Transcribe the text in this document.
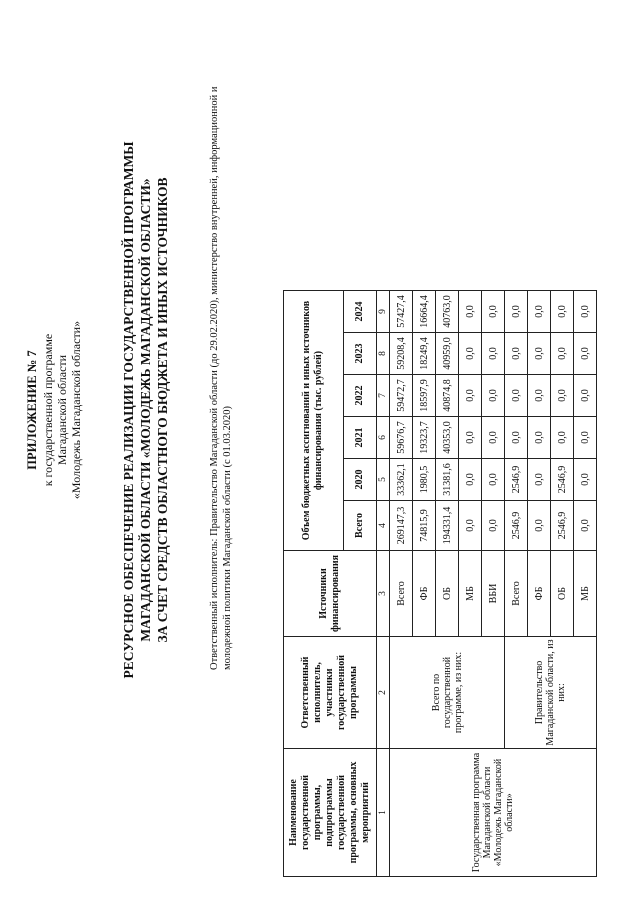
ПРИЛОЖЕНИЕ № 7 к государственной программе Магаданской области «Молодежь Магаданской области»	РЕСУРСНОЕ ОБЕСПЕЧЕНИЕ РЕАЛИЗАЦИИ ГОСУДАРСТВЕННОЙ ПРОГРАММЫ МАГАДАНСКОЙ ОБЛАСТИ «МОЛОДЕЖЬ МАГАДАНСКОЙ ОБЛАСТИ» ЗА СЧЕТ СРЕДСТВ ОБЛАСТНОГО БЮДЖЕТА И ИНЫХ ИСТОЧНИКОВ	Ответственный исполнитель: Правительство Магаданской области (до 29.02.2020), министерство внутренней, информационной и молодежной политики Магаданской области (с 01.03.2020)
Наименование государственной программы, подпрограммы государственной программы, основных мероприятий	Ответственный исполнитель, участники государственной программы	Источники финансирования	Объем бюджетных ассигнований и иных источников финансирования (тыс. рублей)					
			Всего	2020	2021	2022	2023	2024
1	2	3	4	5	6	7	8	9
Государственная программа Магаданской области «Молодежь Магаданской области»	Всего по государственной программе, из них:	Всего	269147,3	33362,1	59676,7	59472,7	59208,4	57427,4
		ФБ	74815,9	1980,5	19323,7	18597,9	18249,4	16664,4
		ОБ	194331,4	31381,6	40353,0	40874,8	40959,0	40763,0
		МБ	0,0	0,0	0,0	0,0	0,0	0,0
		ВБИ	0,0	0,0	0,0	0,0	0,0	0,0
	Правительство Магаданской области, из них:	Всего	2546,9	2546,9	0,0	0,0	0,0	0,0
		ФБ	0,0	0,0	0,0	0,0	0,0	0,0
		ОБ	2546,9	2546,9	0,0	0,0	0,0	0,0
		МБ	0,0	0,0	0,0	0,0	0,0	0,0
